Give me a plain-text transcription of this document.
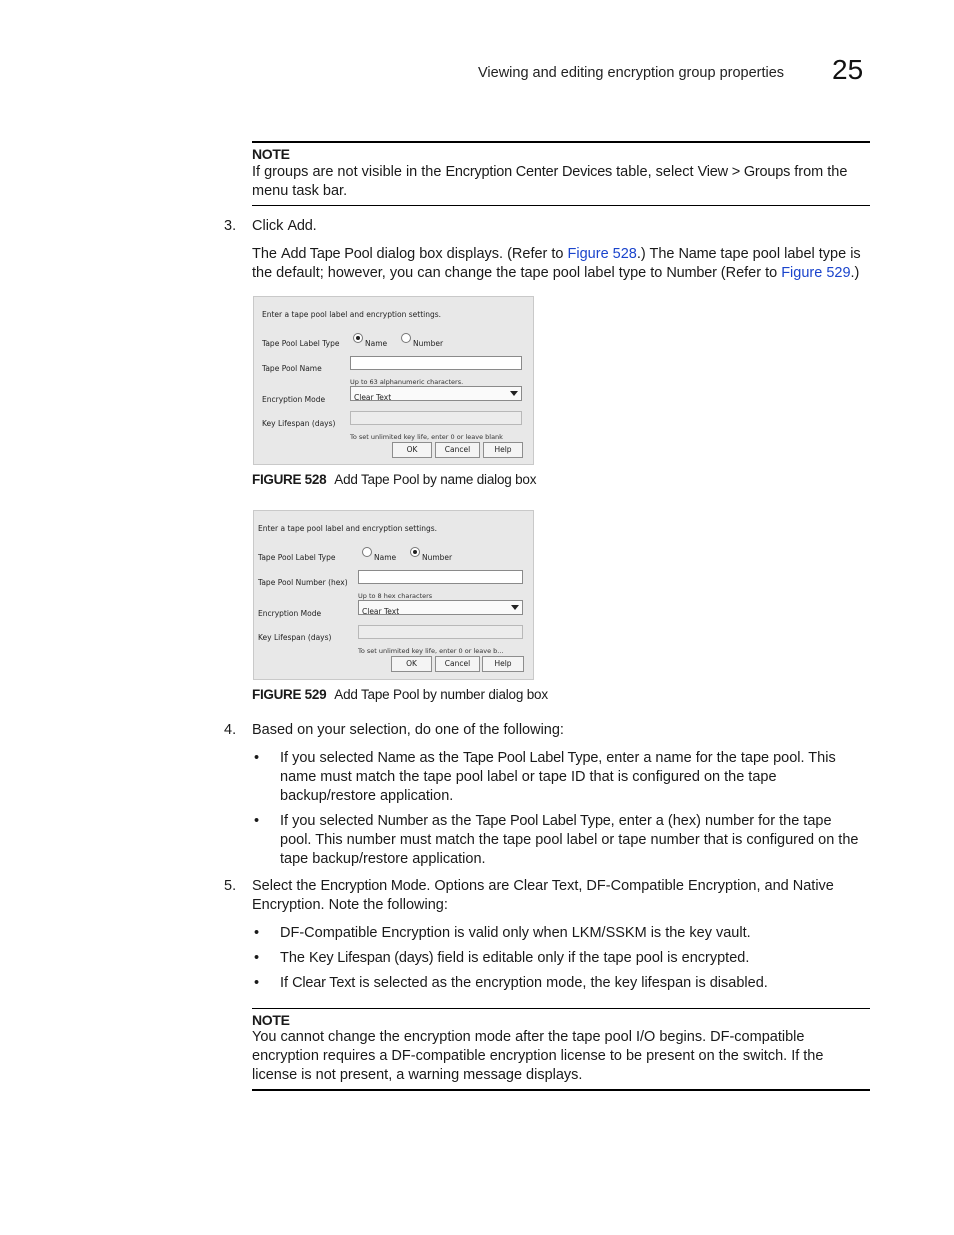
Viewing and editing encryption group properties 25
NOTE
If groups are not visible in the Encryption Center Devices table, select View > Groups from the menu task bar.
3. Click Add.
The Add Tape Pool dialog box displays. (Refer to Figure 528.) The Name tape pool label type is the default; however, you can change the tape pool label type to Number (Refer to Figure 529.)
Enter a tape pool label and encryption settings.
Tape Pool Label Type	Name	Number
Tape Pool Name
Up to 63 alphanumeric characters.
Encryption Mode	Clear Text
Key Lifespan (days)
To set unlimited key life, enter 0 or leave blank
OK	Cancel	Help
FIGURE 528 Add Tape Pool by name dialog box
Enter a tape pool label and encryption settings.
Tape Pool Label Type	Name	Number
Tape Pool Number (hex)
Up to 8 hex characters
Encryption Mode	Clear Text
Key Lifespan (days)
To set unlimited key life, enter 0 or leave b...
OK	Cancel	Help
FIGURE 529 Add Tape Pool by number dialog box
4. Based on your selection, do one of the following:
• If you selected Name as the Tape Pool Label Type, enter a name for the tape pool. This name must match the tape pool label or tape ID that is configured on the tape backup/restore application.
• If you selected Number as the Tape Pool Label Type, enter a (hex) number for the tape pool. This number must match the tape pool label or tape number that is configured on the tape backup/restore application.
5. Select the Encryption Mode. Options are Clear Text, DF-Compatible Encryption, and Native Encryption. Note the following:
• DF-Compatible Encryption is valid only when LKM/SSKM is the key vault.
• The Key Lifespan (days) field is editable only if the tape pool is encrypted.
• If Clear Text is selected as the encryption mode, the key lifespan is disabled.
NOTE
You cannot change the encryption mode after the tape pool I/O begins. DF-compatible encryption requires a DF-compatible encryption license to be present on the switch. If the license is not present, a warning message displays.
